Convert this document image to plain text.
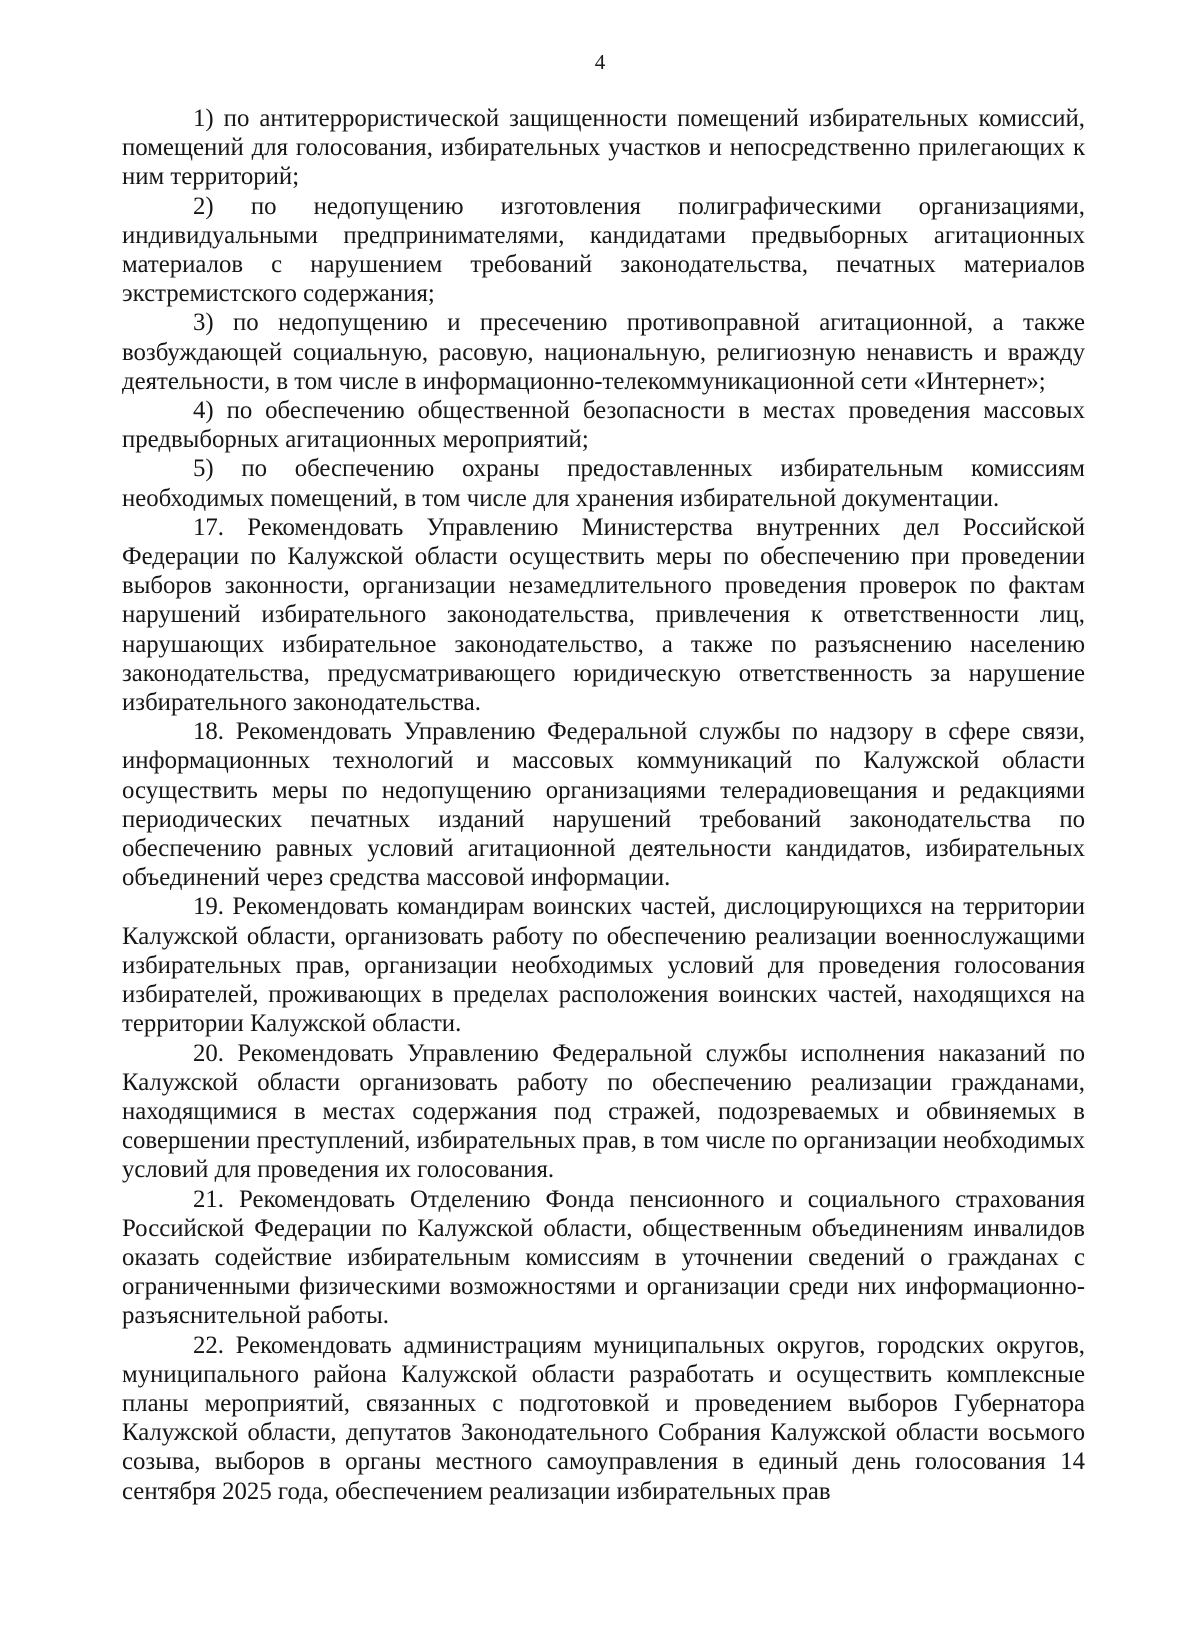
4

1) по антитеррористической защищенности помещений избирательных комиссий, помещений для голосования, избирательных участков и непосредственно прилегающих к ним территорий;

2) по недопущению изготовления полиграфическими организациями, индивидуальными предпринимателями, кандидатами предвыборных агитационных материалов с нарушением требований законодательства, печатных материалов экстремистского содержания;

3) по недопущению и пресечению противоправной агитационной, а также возбуждающей социальную, расовую, национальную, религиозную ненависть и вражду деятельности, в том числе в информационно-телекоммуникационной сети «Интернет»;

4) по обеспечению общественной безопасности в местах проведения массовых предвыборных агитационных мероприятий;

5) по обеспечению охраны предоставленных избирательным комиссиям необходимых помещений, в том числе для хранения избирательной документации.

17. Рекомендовать Управлению Министерства внутренних дел Российской Федерации по Калужской области осуществить меры по обеспечению при проведении выборов законности, организации незамедлительного проведения проверок по фактам нарушений избирательного законодательства, привлечения к ответственности лиц, нарушающих избирательное законодательство, а также по разъяснению населению законодательства, предусматривающего юридическую ответственность за нарушение избирательного законодательства.

18. Рекомендовать Управлению Федеральной службы по надзору в сфере связи, информационных технологий и массовых коммуникаций по Калужской области осуществить меры по недопущению организациями телерадиовещания и редакциями периодических печатных изданий нарушений требований законодательства по обеспечению равных условий агитационной деятельности кандидатов, избирательных объединений через средства массовой информации.

19. Рекомендовать командирам воинских частей, дислоцирующихся на территории Калужской области, организовать работу по обеспечению реализации военнослужащими избирательных прав, организации необходимых условий для проведения голосования избирателей, проживающих в пределах расположения воинских частей, находящихся на территории Калужской области.

20. Рекомендовать Управлению Федеральной службы исполнения наказаний по Калужской области организовать работу по обеспечению реализации гражданами, находящимися в местах содержания под стражей, подозреваемых и обвиняемых в совершении преступлений, избирательных прав, в том числе по организации необходимых условий для проведения их голосования.

21. Рекомендовать Отделению Фонда пенсионного и социального страхования Российской Федерации по Калужской области, общественным объединениям инвалидов оказать содействие избирательным комиссиям в уточнении сведений о гражданах с ограниченными физическими возможностями и организации среди них информационно-разъяснительной работы.

22. Рекомендовать администрациям муниципальных округов, городских округов, муниципального района Калужской области разработать и осуществить комплексные планы мероприятий, связанных с подготовкой и проведением выборов Губернатора Калужской области, депутатов Законодательного Собрания Калужской области восьмого созыва, выборов в органы местного самоуправления в единый день голосования 14 сентября 2025 года, обеспечением реализации избирательных прав
